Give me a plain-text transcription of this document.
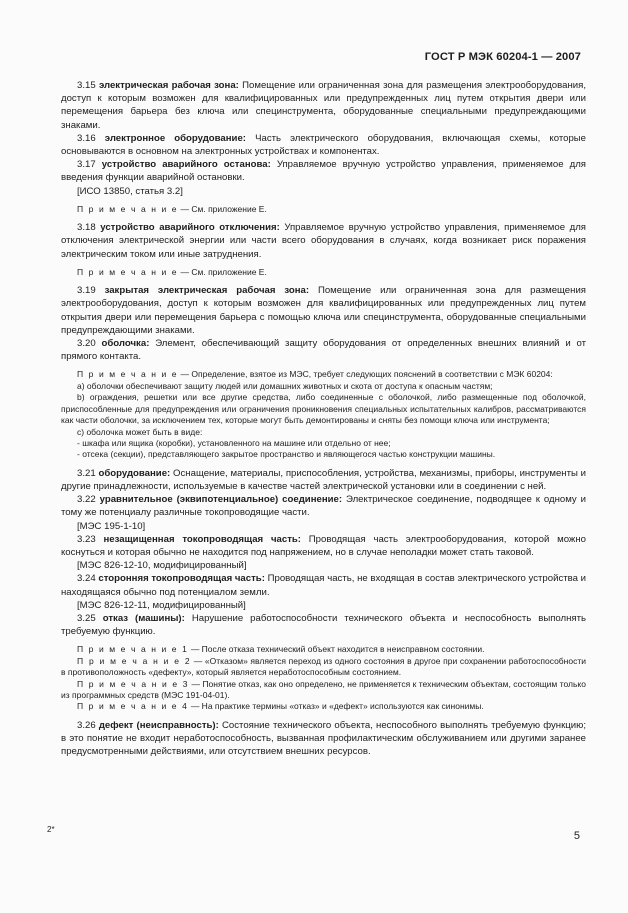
ГОСТ Р МЭК 60204-1 — 2007

3.15 электрическая рабочая зона: Помещение или ограниченная зона для размещения электрооборудования, доступ к которым возможен для квалифицированных или предупрежденных лиц путем открытия двери или перемещения барьера без ключа или специнструмента, оборудованные специальными предупреждающими знаками.

3.16 электронное оборудование: Часть электрического оборудования, включающая схемы, которые основываются в основном на электронных устройствах и компонентах.

3.17 устройство аварийного останова: Управляемое вручную устройство управления, применяемое для введения функции аварийной остановки.

[ИСО 13850, статья 3.2]

П р и м е ч а н и е — См. приложение Е.

3.18 устройство аварийного отключения: Управляемое вручную устройство управления, применяемое для отключения электрической энергии или части всего оборудования в случаях, когда возникает риск поражения электрическим током или иные затруднения.

П р и м е ч а н и е — См. приложение Е.

3.19 закрытая электрическая рабочая зона: Помещение или ограниченная зона для размещения электрооборудования, доступ к которым возможен для квалифицированных или предупрежденных лиц путем открытия двери или перемещения барьера с помощью ключа или специнструмента, оборудованные специальными предупреждающими знаками.

3.20 оболочка: Элемент, обеспечивающий защиту оборудования от определенных внешних влияний и от прямого контакта.

П р и м е ч а н и е — Определение, взятое из МЭС, требует следующих пояснений в соответствии с МЭК 60204:

a) оболочки обеспечивают защиту людей или домашних животных и скота от доступа к опасным частям;

b) ограждения, решетки или все другие средства, либо соединенные с оболочкой, либо размещенные под оболочкой, приспособленные для предупреждения или ограничения проникновения специальных испытательных калибров, рассматриваются как части оболочки, за исключением тех, которые могут быть демонтированы и сняты без помощи ключа или инструмента;

c) оболочка может быть в виде:

- шкафа или ящика (коробки), установленного на машине или отдельно от нее;

- отсека (секции), представляющего закрытое пространство и являющегося частью конструкции машины.

3.21 оборудование: Оснащение, материалы, приспособления, устройства, механизмы, приборы, инструменты и другие принадлежности, используемые в качестве частей электрической установки или в соединении с ней.

3.22 уравнительное (эквипотенциальное) соединение: Электрическое соединение, подводящее к одному и тому же потенциалу различные токопроводящие части.

[МЭС 195-1-10]

3.23 незащищенная токопроводящая часть: Проводящая часть электрооборудования, которой можно коснуться и которая обычно не находится под напряжением, но в случае неполадки может стать таковой.

[МЭС 826-12-10, модифицированный]

3.24 сторонняя токопроводящая часть: Проводящая часть, не входящая в состав электрического устройства и находящаяся обычно под потенциалом земли.

[МЭС 826-12-11, модифицированный]

3.25 отказ (машины): Нарушение работоспособности технического объекта и неспособность выполнять требуемую функцию.

П р и м е ч а н и е 1 — После отказа технический объект находится в неисправном состоянии.

П р и м е ч а н и е 2 — «Отказом» является переход из одного состояния в другое при сохранении работоспособности в противоположность «дефекту», который является неработоспособным состоянием.

П р и м е ч а н и е 3 — Понятие отказ, как оно определено, не применяется к техническим объектам, состоящим только из программных средств (МЭС 191-04-01).

П р и м е ч а н и е 4 — На практике термины «отказ» и «дефект» используются как синонимы.

3.26 дефект (неисправность): Состояние технического объекта, неспособного выполнять требуемую функцию; в это понятие не входит неработоспособность, вызванная профилактическим обслуживанием или другими заранее предусмотренными действиями, или отсутствием внешних ресурсов.

2*
5
